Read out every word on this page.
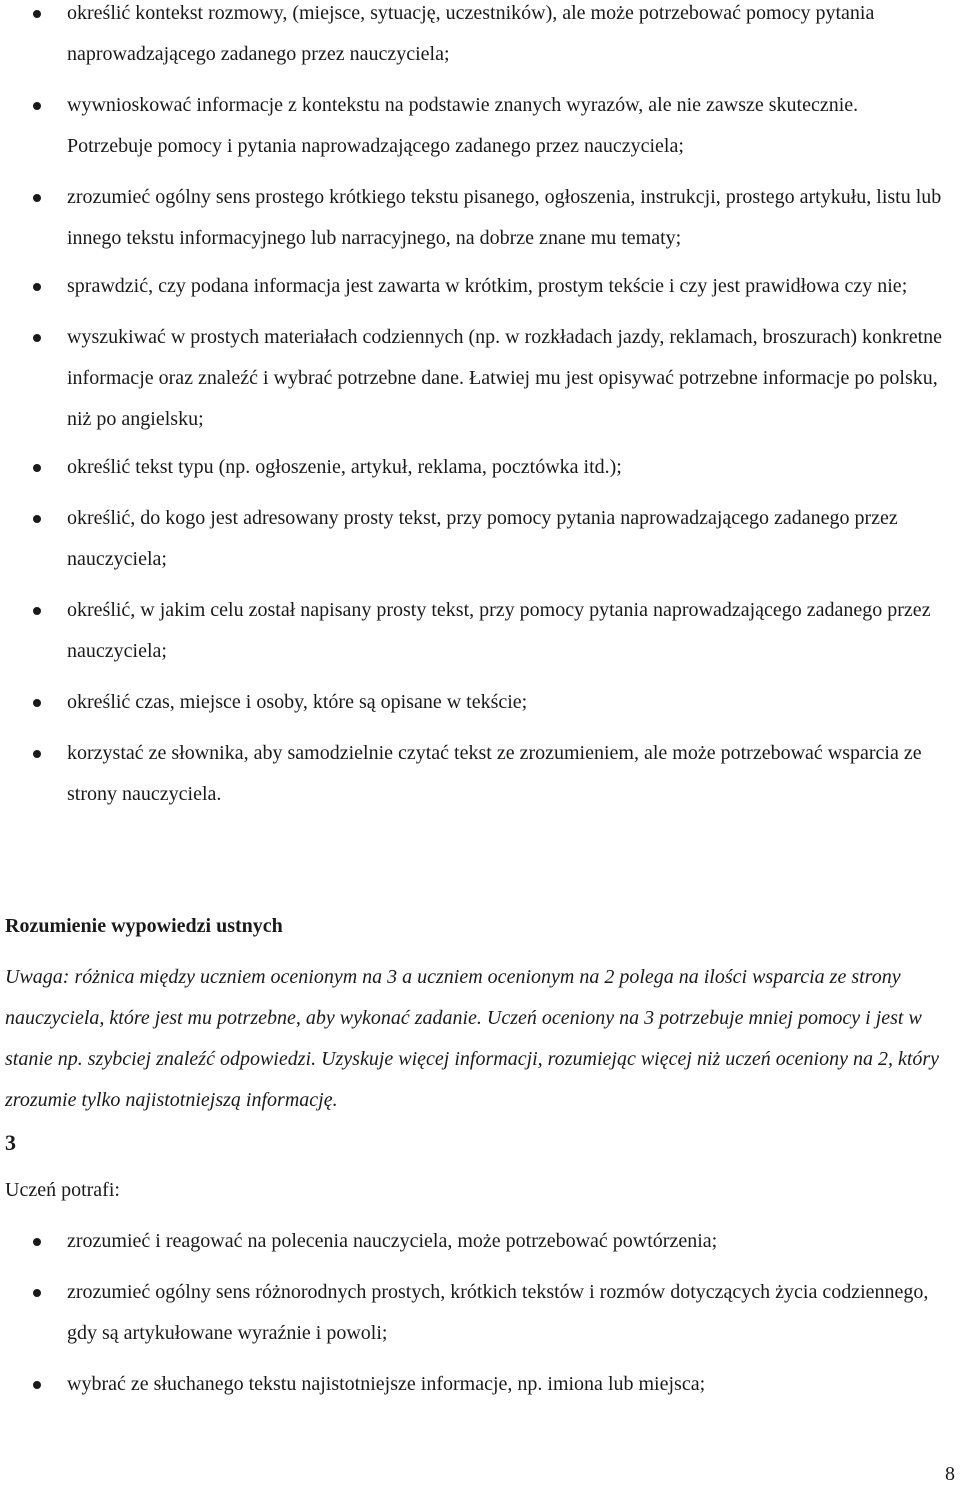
określić kontekst rozmowy, (miejsce, sytuację, uczestników), ale może potrzebować pomocy pytania naprowadzającego zadanego przez nauczyciela;
wywnioskować informacje z kontekstu na podstawie znanych wyrazów, ale nie zawsze skutecznie. Potrzebuje pomocy i pytania naprowadzającego zadanego przez nauczyciela;
zrozumieć ogólny sens prostego krótkiego tekstu pisanego, ogłoszenia, instrukcji, prostego artykułu, listu lub innego tekstu informacyjnego lub narracyjnego, na dobrze znane mu tematy;
sprawdzić, czy podana informacja jest zawarta w krótkim, prostym tekście i czy jest prawidłowa czy nie;
wyszukiwać w prostych materiałach codziennych (np. w rozkładach jazdy, reklamach, broszurach) konkretne informacje oraz znaleźć i wybrać potrzebne dane. Łatwiej mu jest opisywać potrzebne informacje po polsku, niż po angielsku;
określić tekst typu (np. ogłoszenie, artykuł, reklama, pocztówka itd.);
określić, do kogo jest adresowany prosty tekst, przy pomocy pytania naprowadzającego zadanego przez nauczyciela;
określić, w jakim celu został napisany prosty tekst, przy pomocy pytania naprowadzającego zadanego przez nauczyciela;
określić czas, miejsce i osoby, które są opisane w tekście;
korzystać ze słownika, aby samodzielnie czytać tekst ze zrozumieniem, ale może potrzebować wsparcia ze strony nauczyciela.
Rozumienie wypowiedzi ustnych

Uwaga: różnica między uczniem ocenionym na 3 a uczniem ocenionym na 2 polega na ilości wsparcia ze strony nauczyciela, które jest mu potrzebne, aby wykonać zadanie. Uczeń oceniony na 3 potrzebuje mniej pomocy i jest w stanie np. szybciej znaleźć odpowiedzi. Uzyskuje więcej informacji, rozumiejąc więcej niż uczeń oceniony na 2, który zrozumie tylko najistotniejszą informację.

3

Uczeń potrafi:

zrozumieć i reagować na polecenia nauczyciela, może potrzebować powtórzenia;
zrozumieć ogólny sens różnorodnych prostych, krótkich tekstów i rozmów dotyczących życia codziennego, gdy są artykułowane wyraźnie i powoli;
wybrać ze słuchanego tekstu najistotniejsze informacje, np. imiona lub miejsca;
8
